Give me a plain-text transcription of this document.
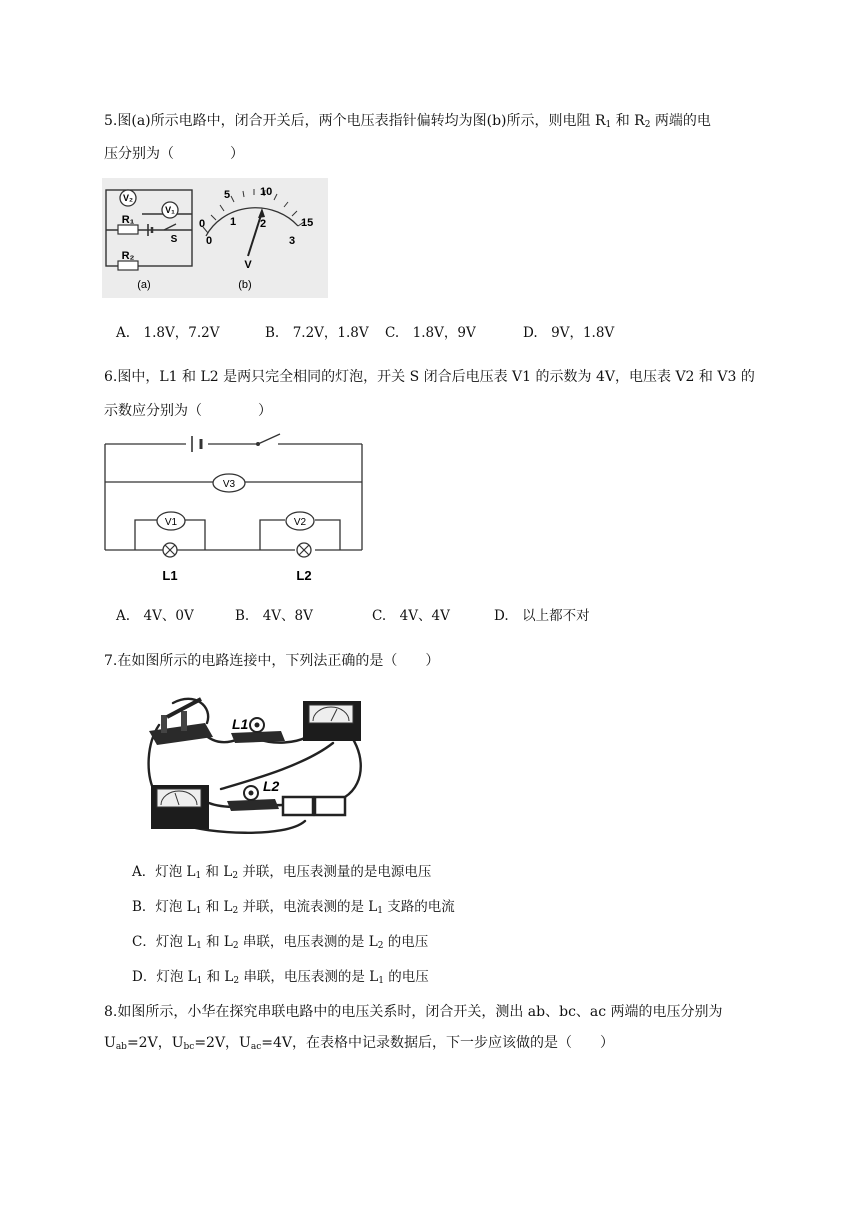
5.图(a)所示电路中，闭合开关后，两个电压表指针偏转均为图(b)所示，则电阻 $R_1$ 和 $R_2$ 两端的电
压分别为（　　　　）
V₂
V₁
R₁
S
R₂
(a)
0
5	10
15
0
1 2
3
V
(b)
A.　1.8V，7.2V	B.　7.2V，1.8V C.　1.8V，9V	D.　9V，1.8V
6.图中，L1 和 L2 是两只完全相同的灯泡，开关 S 闭合后电压表 V1 的示数为 4V，电压表 V2 和 V3 的
示数应分别为（　　　　）
V3
V1	V2
L1	L2
A.　4V、0V	B.　4V、8V	C.　4V、4V	D.　以上都不对
7.在如图所示的电路连接中，下列法正确的是（　　）
L1
L2
A．灯泡 $L_1$ 和 $L_2$ 并联，电压表测量的是电源电压
B．灯泡 $L_1$ 和 $L_2$ 并联，电流表测的是 $L_1$ 支路的电流
C．灯泡 $L_1$ 和 $L_2$ 串联，电压表测的是 $L_2$ 的电压
D．灯泡 $L_1$ 和 $L_2$ 串联，电压表测的是 $L_1$ 的电压
8.如图所示，小华在探究串联电路中的电压关系时，闭合开关，测出 ab、bc、ac 两端的电压分别为
$U_{ab}=2V$，$U_{bc}=2V$，$U_{ac}=4V$，在表格中记录数据后，下一步应该做的是（　　）
